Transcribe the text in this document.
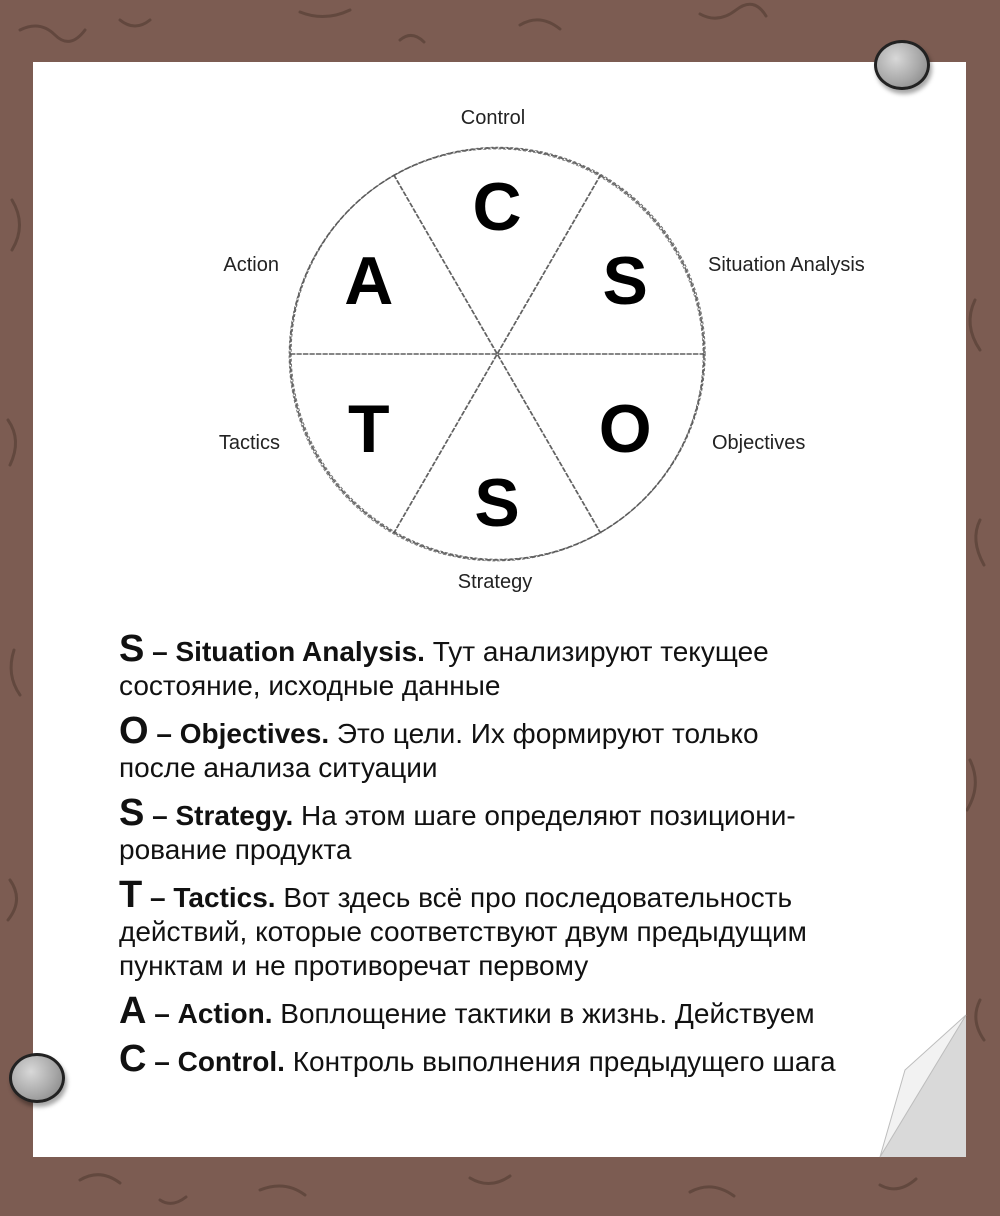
C
S
O
S
T
A
Control
Situation Analysis
Objectives
Strategy
Tactics
Action
S – Situation Analysis. Тут анализируют текущее
состояние, исходные данные
O – Objectives. Это цели. Их формируют только
после анализа ситуации
S – Strategy. На этом шаге определяют позициони-
рование продукта
T – Tactics. Вот здесь всё про последовательность
действий, которые соответствуют двум предыдущим
пунктам и не противоречат первому
A – Action. Воплощение тактики в жизнь. Действуем
C – Control. Контроль выполнения предыдущего шага
